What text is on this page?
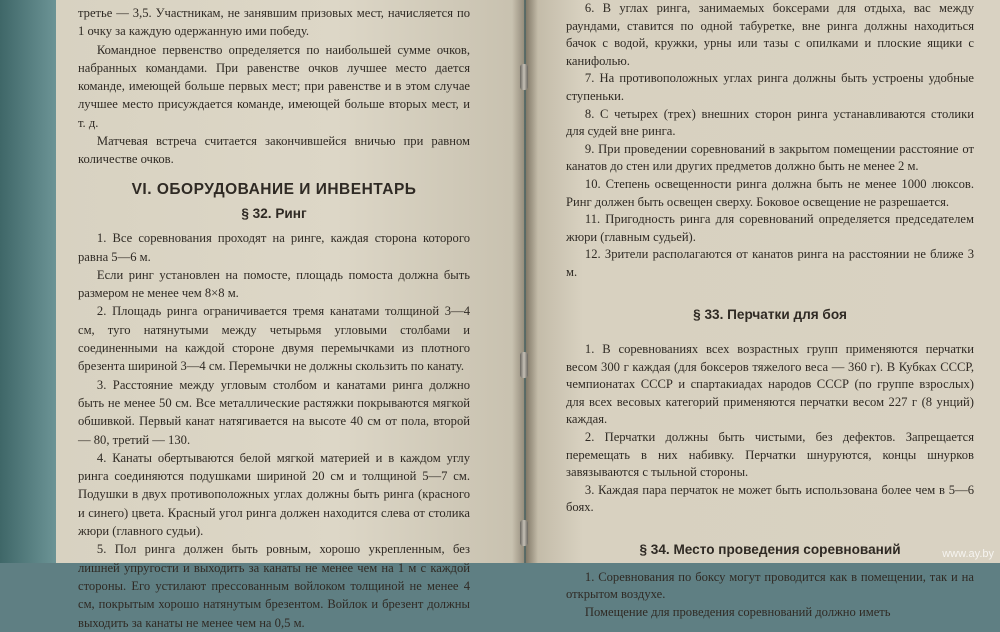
третье — 3,5. Участникам, не занявшим призовых мест, начисляется по 1 очку за каждую одержанную ими победу.

Командное первенство определяется по наибольшей сумме очков, набранных командами. При равенстве очков лучшее место дается команде, имеющей больше первых мест; при равенстве и в этом случае лучшее место присуждается команде, имеющей больше вторых мест, и т. д.

Матчевая встреча считается закончившейся вничью при равном количестве очков.

VI. ОБОРУДОВАНИЕ И ИНВЕНТАРЬ
§ 32. Ринг

1. Все соревнования проходят на ринге, каждая сторона которого равна 5—6 м.

Если ринг установлен на помосте, площадь помоста должна быть размером не менее чем 8×8 м.

2. Площадь ринга ограничивается тремя канатами толщиной 3—4 см, туго натянутыми между четырьмя угловыми столбами и соединенными на каждой стороне двумя перемычками из плотного брезента шириной 3—4 см. Перемычки не должны скользить по канату.

3. Расстояние между угловым столбом и канатами ринга должно быть не менее 50 см. Все металлические растяжки покрываются мягкой обшивкой. Первый канат натягивается на высоте 40 см от пола, второй — 80, третий — 130.

4. Канаты обертываются белой мягкой материей и в каждом углу ринга соединяются подушками шириной 20 см и толщиной 5—7 см. Подушки в двух противоположных углах должны быть ринга (красного и синего) цвета. Красный угол ринга должен находится слева от столика жюри (главного судьи).

5. Пол ринга должен быть ровным, хорошо укрепленным, без лишней упругости и выходить за канаты не менее чем на 1 м с каждой стороны. Его устилают прессованным войлоком толщиной не менее 4 см, покрытым хорошо натянутым брезентом. Войлок и брезент должны выходить за канаты не менее чем на 0,5 м.

6. В углах ринга, занимаемых боксерами для отдыха, вас между раундами, ставится по одной табуретке, вне ринга должны находиться бачок с водой, кружки, урны или тазы с опилками и плоские ящики с канифолью.

7. На противоположных углах ринга должны быть устроены удобные ступеньки.

8. С четырех (трех) внешних сторон ринга устанавливаются столики для судей вне ринга.

9. При проведении соревнований в закрытом помещении расстояние от канатов до стен или других предметов должно быть не менее 2 м.

10. Степень освещенности ринга должна быть не менее 1000 люксов. Ринг должен быть освещен сверху. Боковое освещение не разрешается.

11. Пригодность ринга для соревнований определяется председателем жюри (главным судьей).

12. Зрители располагаются от канатов ринга на расстоянии не ближе 3 м.

§ 33. Перчатки для боя

1. В соревнованиях всех возрастных групп применяются перчатки весом 300 г каждая (для боксеров тяжелого веса — 360 г). В Кубках СССР, чемпионатах СССР и спартакиадах народов СССР (по группе взрослых) для всех весовых категорий применяются перчатки весом 227 г (8 унций) каждая.

2. Перчатки должны быть чистыми, без дефектов. Запрещается перемещать в них набивку. Перчатки шнуруются, концы шнурков завязываются с тыльной стороны.

3. Каждая пара перчаток не может быть использована более чем в 5—6 боях.

§ 34. Место проведения соревнований

1. Соревнования по боксу могут проводится как в помещении, так и на открытом воздухе.

Помещение для проведения соревнований должно иметь

www.ay.by
